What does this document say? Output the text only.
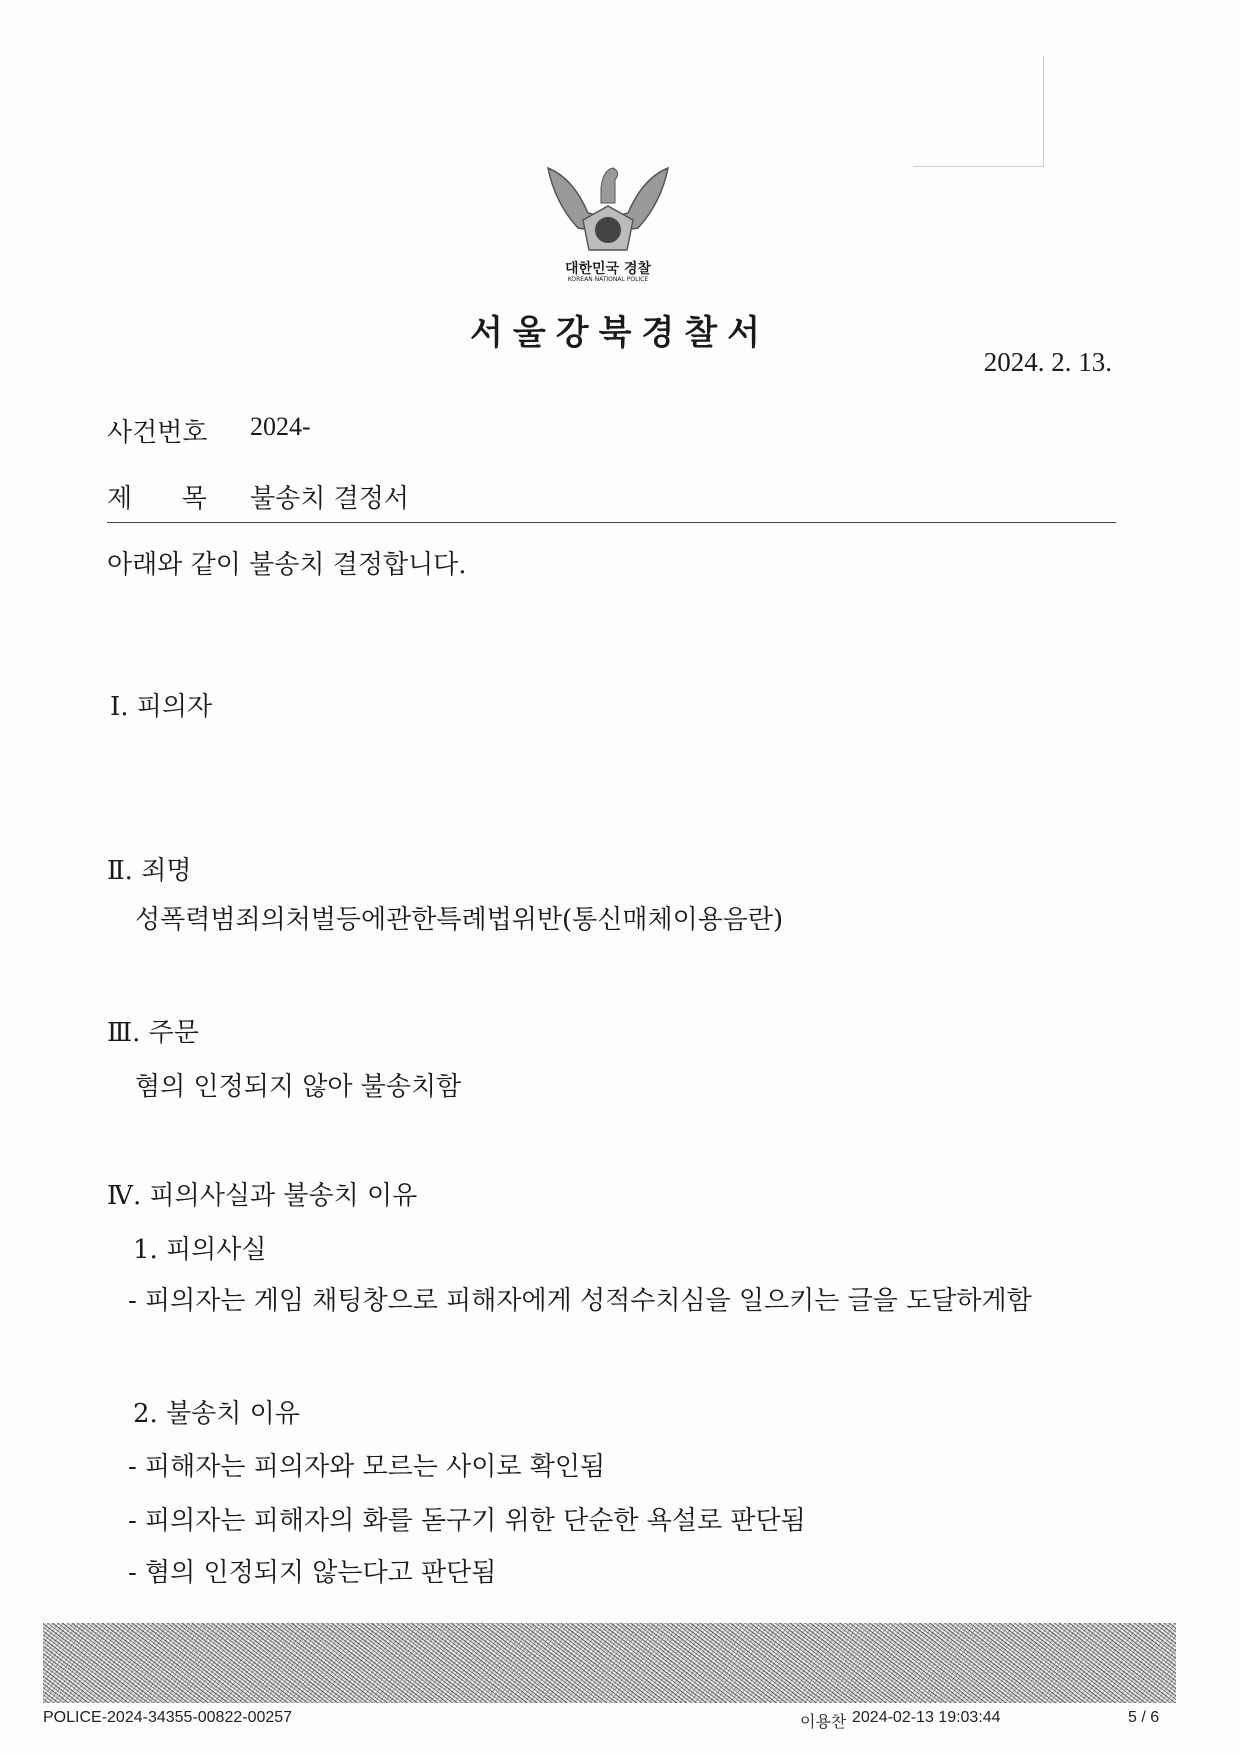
대한민국 경찰
KOREAN NATIONAL POLICE
서울강북경찰서
2024. 2. 13.
사건번호 2024-
제      목 불송치 결정서
아래와 같이 불송치 결정합니다.
Ⅰ. 피의자
Ⅱ. 죄명
성폭력범죄의처벌등에관한특례법위반(통신매체이용음란)
Ⅲ. 주문
혐의 인정되지 않아 불송치함
Ⅳ. 피의사실과 불송치 이유
1. 피의사실
- 피의자는 게임 채팅창으로 피해자에게 성적수치심을 일으키는 글을 도달하게함
2. 불송치 이유
- 피해자는 피의자와 모르는 사이로 확인됨
- 피의자는 피해자의 화를 돋구기 위한 단순한 욕설로 판단됨
- 혐의 인정되지 않는다고 판단됨
POLICE-2024-34355-00822-00257	이용찬 2024-02-13 19:03:44	5 / 6
